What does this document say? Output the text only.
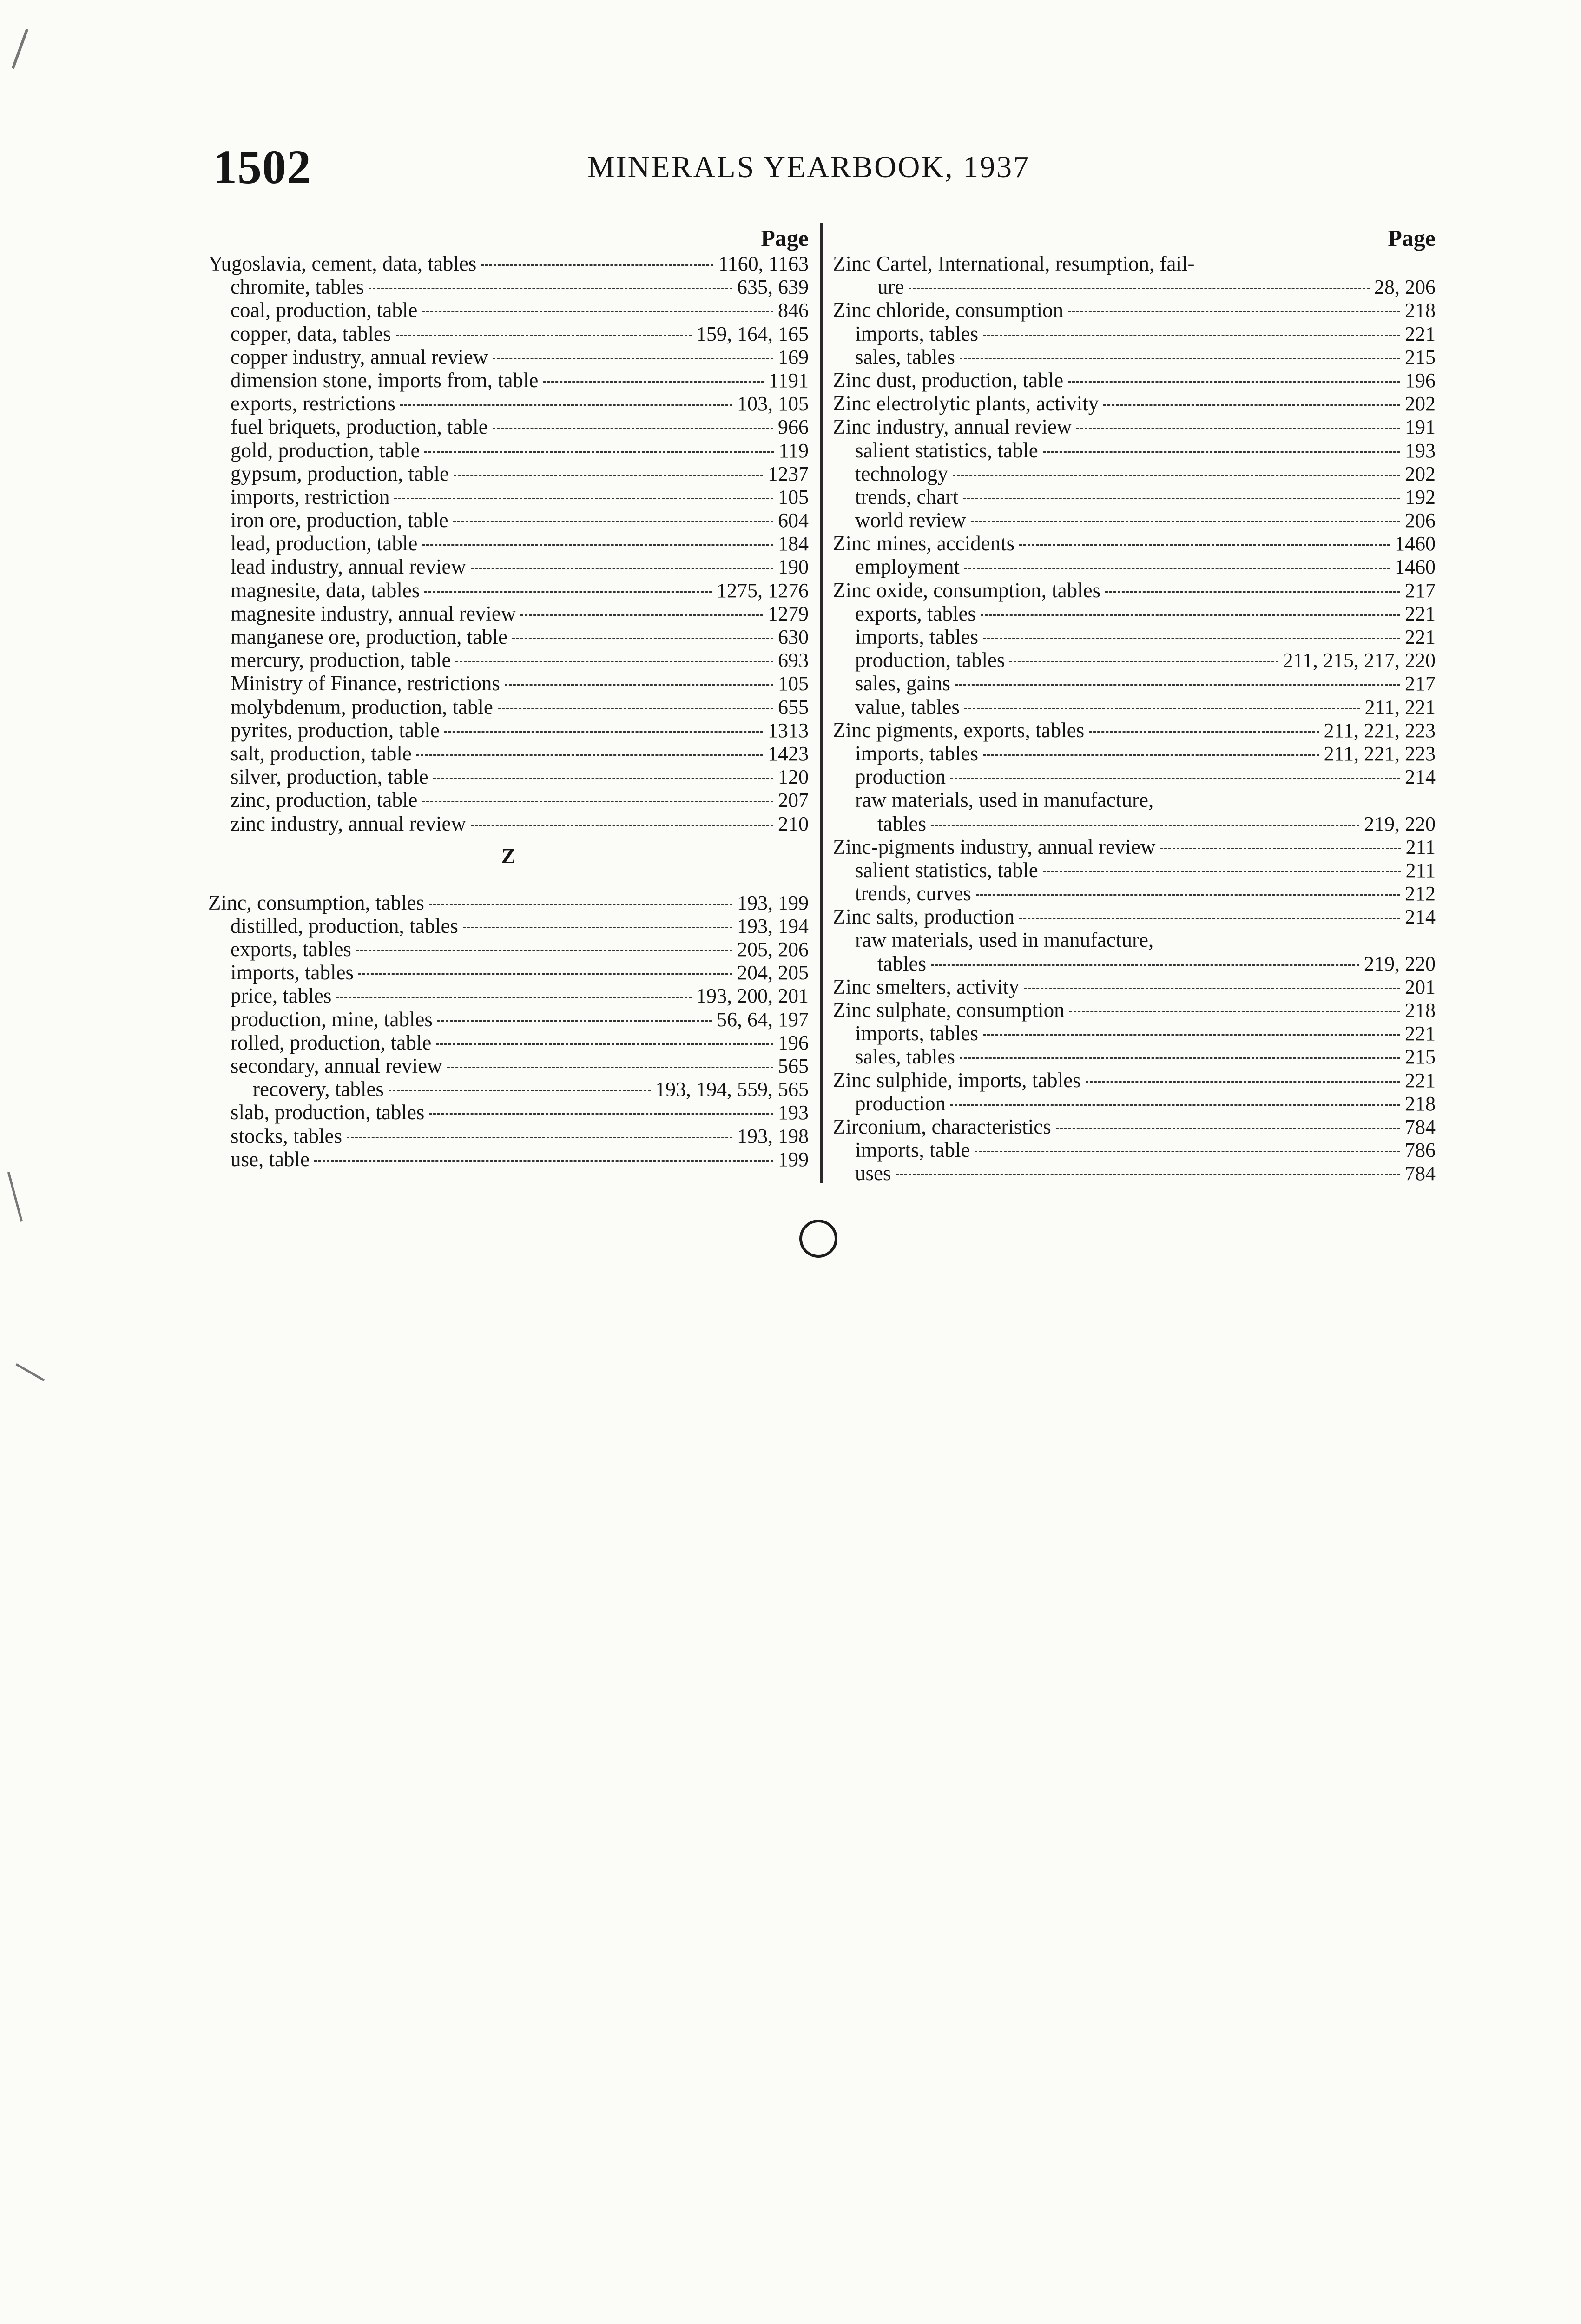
1502	MINERALS YEARBOOK, 1937
Page
Yugoslavia, cement, data, tables	1160, 1163
chromite, tables	635, 639
coal, production, table	846
copper, data, tables	159, 164, 165
copper industry, annual review	169
dimension stone, imports from, table	1191
exports, restrictions	103, 105
fuel briquets, production, table	966
gold, production, table	119
gypsum, production, table	1237
imports, restriction	105
iron ore, production, table	604
lead, production, table	184
lead industry, annual review	190
magnesite, data, tables	1275, 1276
magnesite industry, annual review	1279
manganese ore, production, table	630
mercury, production, table	693
Ministry of Finance, restrictions	105
molybdenum, production, table	655
pyrites, production, table	1313
salt, production, table	1423
silver, production, table	120
zinc, production, table	207
zinc industry, annual review	210
Z
Zinc, consumption, tables	193, 199
distilled, production, tables	193, 194
exports, tables	205, 206
imports, tables	204, 205
price, tables	193, 200, 201
production, mine, tables	56, 64, 197
rolled, production, table	196
secondary, annual review	565
recovery, tables	193, 194, 559, 565
slab, production, tables	193
stocks, tables	193, 198
use, table	199
Page
Zinc Cartel, International, resumption, fail-
ure	28, 206
Zinc chloride, consumption	218
imports, tables	221
sales, tables	215
Zinc dust, production, table	196
Zinc electrolytic plants, activity	202
Zinc industry, annual review	191
salient statistics, table	193
technology	202
trends, chart	192
world review	206
Zinc mines, accidents	1460
employment	1460
Zinc oxide, consumption, tables	217
exports, tables	221
imports, tables	221
production, tables	211, 215, 217, 220
sales, gains	217
value, tables	211, 221
Zinc pigments, exports, tables	211, 221, 223
imports, tables	211, 221, 223
production	214
raw materials, used in manufacture,
tables	219, 220
Zinc-pigments industry, annual review	211
salient statistics, table	211
trends, curves	212
Zinc salts, production	214
raw materials, used in manufacture,
tables	219, 220
Zinc smelters, activity	201
Zinc sulphate, consumption	218
imports, tables	221
sales, tables	215
Zinc sulphide, imports, tables	221
production	218
Zirconium, characteristics	784
imports, table	786
uses	784
